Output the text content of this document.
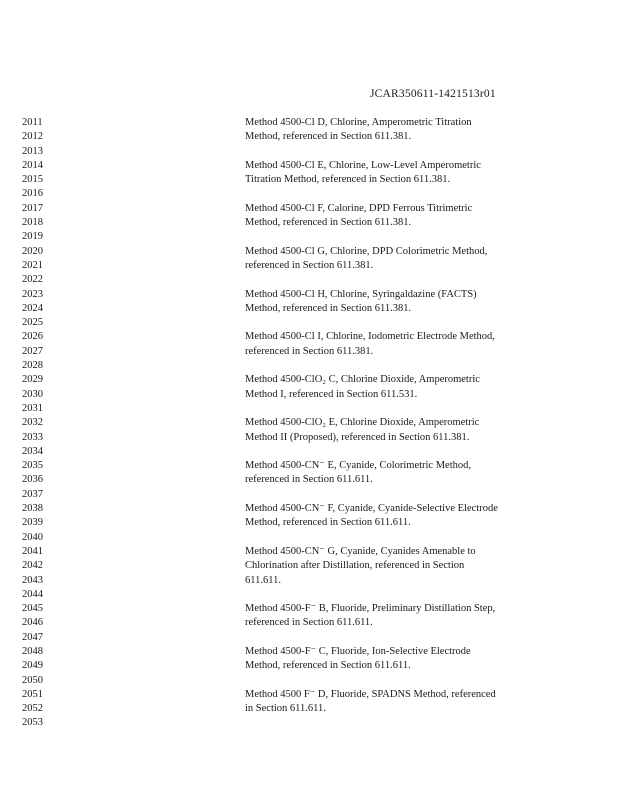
JCAR350611-1421513r01
2011
2012
2013
2014
2015
2016
2017
2018
2019
2020
2021
2022
2023
2024
2025
2026
2027
2028
2029
2030
2031
2032
2033
2034
2035
2036
2037
2038
2039
2040
2041
2042
2043
2044
2045
2046
2047
2048
2049
2050
2051
2052
2053
Method 4500-Cl D, Chlorine, Amperometric Titration
Method, referenced in Section 611.381.
Method 4500-Cl E, Chlorine, Low-Level Amperometric
Titration Method, referenced in Section 611.381.
Method 4500-Cl F, Calorine, DPD Ferrous Titrimetric
Method, referenced in Section 611.381.
Method 4500-Cl G, Chlorine, DPD Colorimetric Method,
referenced in Section 611.381.
Method 4500-Cl H, Chlorine, Syringaldazine (FACTS)
Method, referenced in Section 611.381.
Method 4500-Cl I, Chlorine, Iodometric Electrode Method,
referenced in Section 611.381.
Method 4500-ClO₂ C, Chlorine Dioxide, Amperometric
Method I, referenced in Section 611.531.
Method 4500-ClO₂ E, Chlorine Dioxide, Amperometric
Method II (Proposed), referenced in Section 611.381.
Method 4500-CN⁻ E, Cyanide, Colorimetric Method,
referenced in Section 611.611.
Method 4500-CN⁻ F, Cyanide, Cyanide-Selective Electrode
Method, referenced in Section 611.611.
Method 4500-CN⁻ G, Cyanide, Cyanides Amenable to
Chlorination after Distillation, referenced in Section
611.611.
Method 4500-F⁻ B, Fluoride, Preliminary Distillation Step,
referenced in Section 611.611.
Method 4500-F⁻ C, Fluoride, Ion-Selective Electrode
Method, referenced in Section 611.611.
Method 4500 F⁻ D, Fluoride, SPADNS Method, referenced
in Section 611.611.
